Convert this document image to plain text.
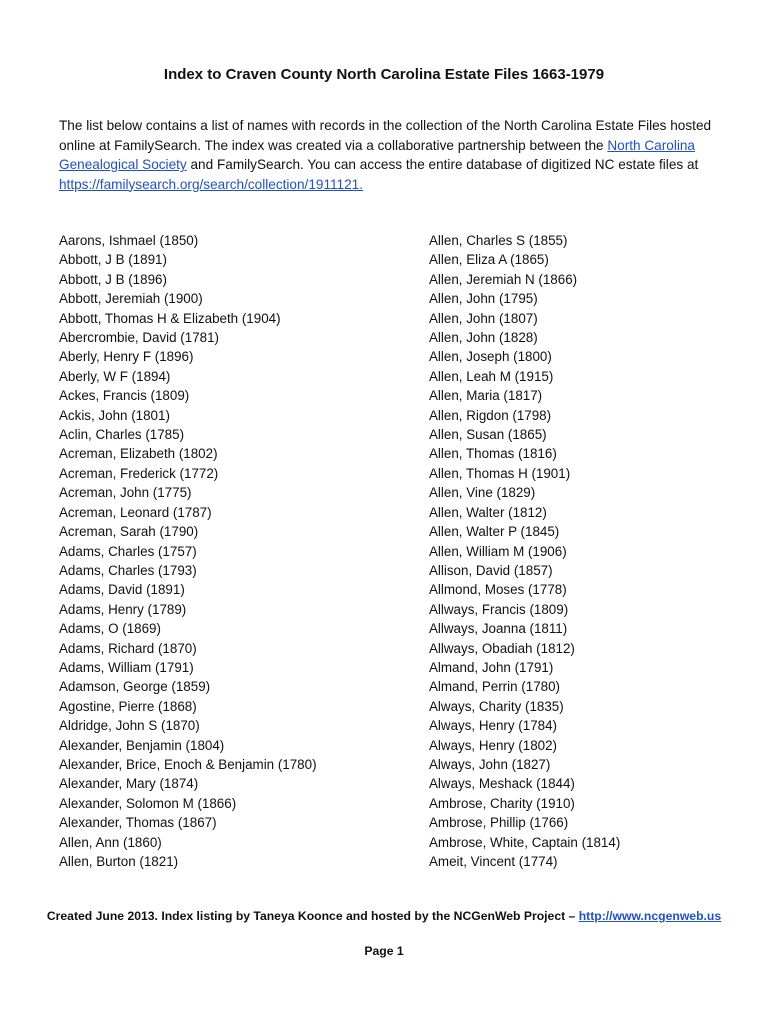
Index to Craven County North Carolina Estate Files 1663-1979
The list below contains a list of names with records in the collection of the North Carolina Estate Files hosted online at FamilySearch. The index was created via a collaborative partnership between the North Carolina Genealogical Society and FamilySearch. You can access the entire database of digitized NC estate files at https://familysearch.org/search/collection/1911121.
Aarons, Ishmael (1850)
Abbott, J B (1891)
Abbott, J B (1896)
Abbott, Jeremiah (1900)
Abbott, Thomas H & Elizabeth (1904)
Abercrombie, David (1781)
Aberly, Henry F (1896)
Aberly, W F (1894)
Ackes, Francis (1809)
Ackis, John (1801)
Aclin, Charles (1785)
Acreman, Elizabeth (1802)
Acreman, Frederick (1772)
Acreman, John (1775)
Acreman, Leonard (1787)
Acreman, Sarah (1790)
Adams, Charles (1757)
Adams, Charles (1793)
Adams, David (1891)
Adams, Henry (1789)
Adams, O (1869)
Adams, Richard (1870)
Adams, William (1791)
Adamson, George (1859)
Agostine, Pierre (1868)
Aldridge, John S (1870)
Alexander, Benjamin (1804)
Alexander, Brice, Enoch & Benjamin (1780)
Alexander, Mary (1874)
Alexander, Solomon M (1866)
Alexander, Thomas (1867)
Allen, Ann (1860)
Allen, Burton (1821)
Allen, Charles S (1855)
Allen, Eliza A (1865)
Allen, Jeremiah N (1866)
Allen, John (1795)
Allen, John (1807)
Allen, John (1828)
Allen, Joseph (1800)
Allen, Leah M (1915)
Allen, Maria (1817)
Allen, Rigdon (1798)
Allen, Susan (1865)
Allen, Thomas (1816)
Allen, Thomas H (1901)
Allen, Vine (1829)
Allen, Walter (1812)
Allen, Walter P (1845)
Allen, William M (1906)
Allison, David (1857)
Allmond, Moses (1778)
Allways, Francis (1809)
Allways, Joanna (1811)
Allways, Obadiah (1812)
Almand, John (1791)
Almand, Perrin (1780)
Always, Charity (1835)
Always, Henry (1784)
Always, Henry (1802)
Always, John (1827)
Always, Meshack (1844)
Ambrose, Charity (1910)
Ambrose, Phillip (1766)
Ambrose, White, Captain (1814)
Ameit, Vincent (1774)
Created June 2013. Index listing by Taneya Koonce and hosted by the NCGenWeb Project – http://www.ncgenweb.us
Page 1
